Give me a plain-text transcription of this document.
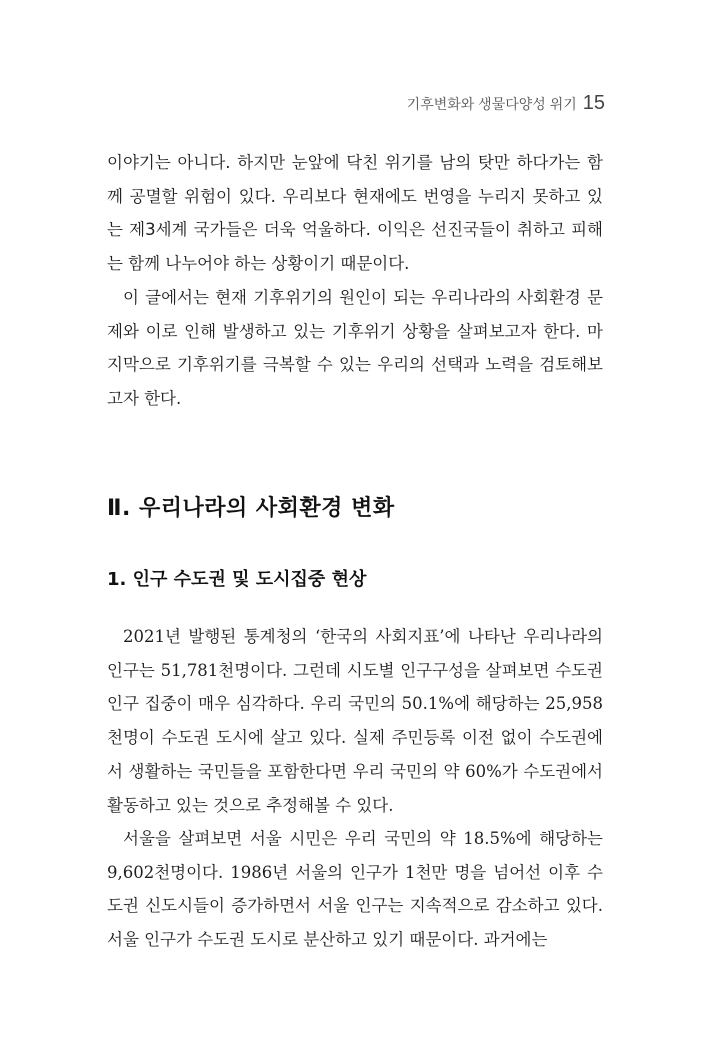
기후변화와 생물다양성 위기 15

이야기는 아니다. 하지만 눈앞에 닥친 위기를 남의 탓만 하다가는 함께 공멸할 위험이 있다. 우리보다 현재에도 번영을 누리지 못하고 있는 제3세계 국가들은 더욱 억울하다. 이익은 선진국들이 취하고 피해는 함께 나누어야 하는 상황이기 때문이다.

이 글에서는 현재 기후위기의 원인이 되는 우리나라의 사회환경 문제와 이로 인해 발생하고 있는 기후위기 상황을 살펴보고자 한다. 마지막으로 기후위기를 극복할 수 있는 우리의 선택과 노력을 검토해보고자 한다.

Ⅱ. 우리나라의 사회환경 변화
1. 인구 수도권 및 도시집중 현상

2021년 발행된 통계청의 ‘한국의 사회지표’에 나타난 우리나라의 인구는 51,781천명이다. 그런데 시도별 인구구성을 살펴보면 수도권 인구 집중이 매우 심각하다. 우리 국민의 50.1%에 해당하는 25,958천명이 수도권 도시에 살고 있다. 실제 주민등록 이전 없이 수도권에서 생활하는 국민들을 포함한다면 우리 국민의 약 60%가 수도권에서 활동하고 있는 것으로 추정해볼 수 있다.

서울을 살펴보면 서울 시민은 우리 국민의 약 18.5%에 해당하는 9,602천명이다. 1986년 서울의 인구가 1천만 명을 넘어선 이후 수도권 신도시들이 증가하면서 서울 인구는 지속적으로 감소하고 있다. 서울 인구가 수도권 도시로 분산하고 있기 때문이다. 과거에는
